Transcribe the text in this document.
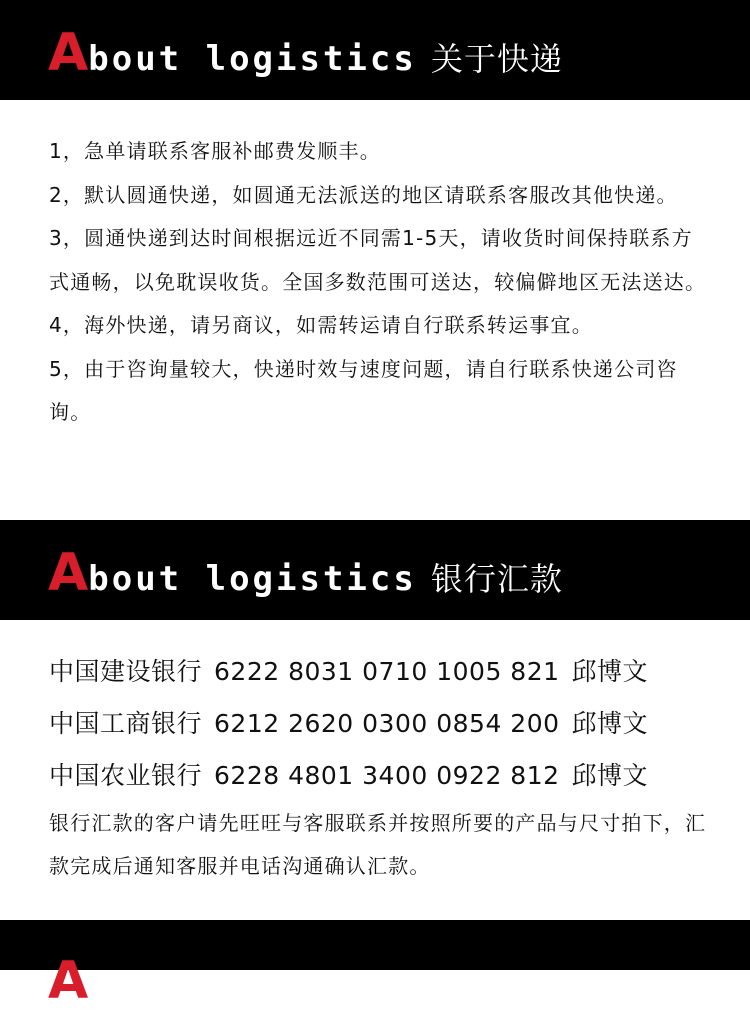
A bout logistics 关于快递

1，急单请联系客服补邮费发顺丰。

2，默认圆通快递，如圆通无法派送的地区请联系客服改其他快递。

3，圆通快递到达时间根据远近不同需1-5天，请收货时间保持联系方式通畅，以免耽误收货。全国多数范围可送达，较偏僻地区无法送达。

4，海外快递，请另商议，如需转运请自行联系转运事宜。

5，由于咨询量较大，快递时效与速度问题，请自行联系快递公司咨询。

A bout logistics 银行汇款
中国建设银行 6222 8031 0710 1005 821 邱博文
中国工商银行 6212 2620 0300 0854 200 邱博文
中国农业银行 6228 4801 3400 0922 812 邱博文

银行汇款的客户请先旺旺与客服联系并按照所要的产品与尺寸拍下，汇款完成后通知客服并电话沟通确认汇款。

A
